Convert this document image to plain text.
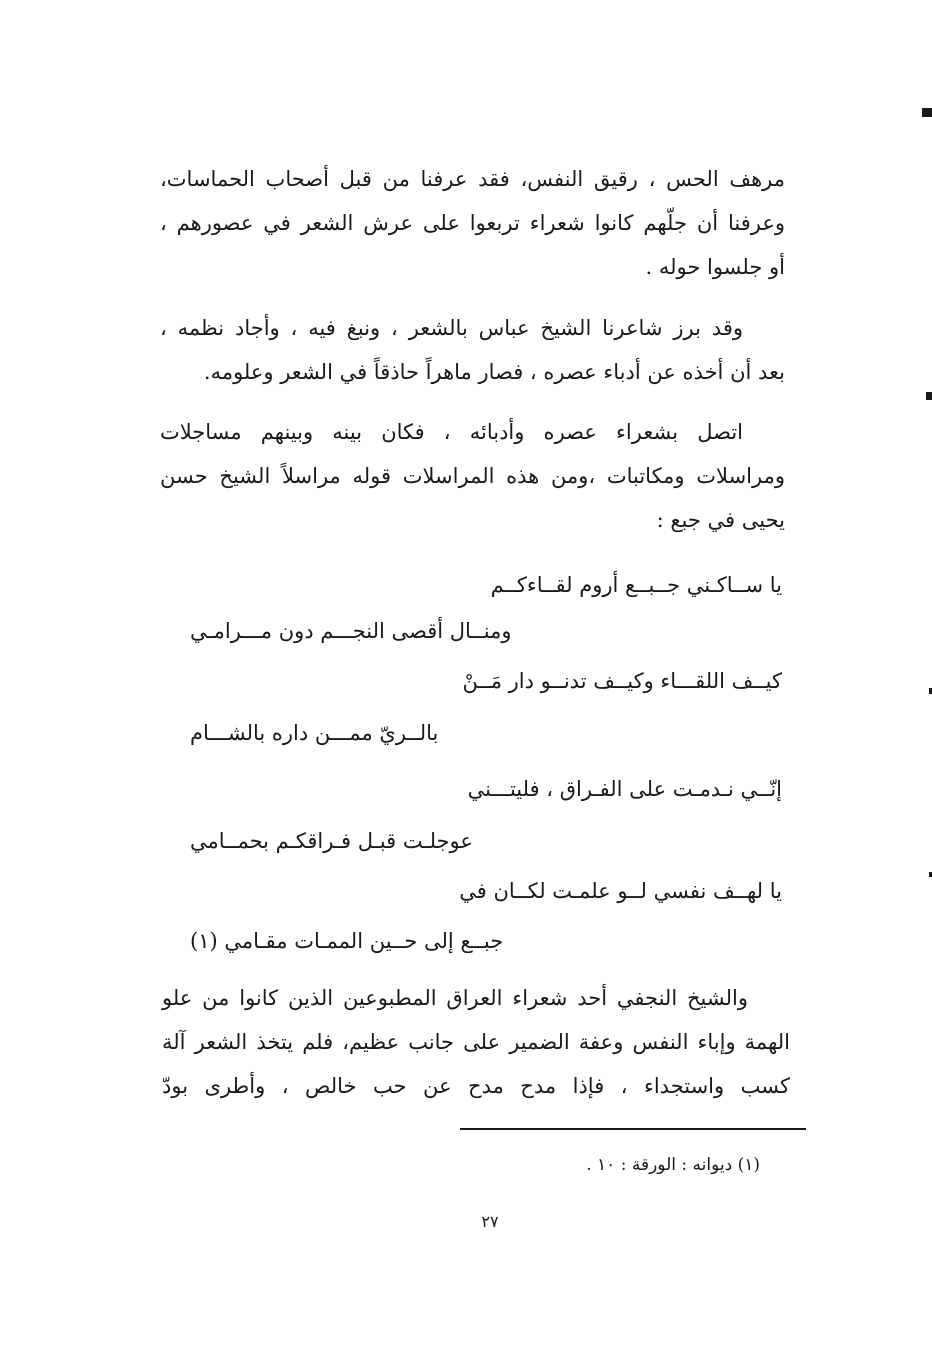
مرهف الحس ، رقيق النفس، فقد عرفنا من قبل أصحاب الحماسات،
وعرفنا أن جلّهم كانوا شعراء تربعوا على عرش الشعر في عصورهم ،
أو جلسوا حوله .
وقد برز شاعرنا الشيخ عباس بالشعر ، ونبغ فيه ، وأجاد نظمه ،
بعد أن أخذه عن أدباء عصره ، فصار ماهراً حاذقاً في الشعر وعلومه.
اتصل بشعراء عصره وأدبائه ، فكان بينه وبينهم مساجلات
ومراسلات ومكاتبات ،ومن هذه المراسلات قوله مراسلاً الشيخ حسن
يحيى في جبع :
يا ســاكـني جــبــع أروم لقــاءكــم
ومنــال أقصى النجـــم دون مـــرامـي
كيــف اللقـــاء وكيــف تدنــو دار مَــنْ
بالــريّ ممـــن داره بالشـــام
إنّــي نـدمـت على الفـراق ، فليتـــني
عوجلـت قبـل فـراقكـم بحمــامي
يا لهــف نفسي لــو علمـت لكــان في
جبــع إلى حــين الممـات مقـامي (١)
والشيخ النجفي أحد شعراء العراق المطبوعين الذين كانوا من علو
الهمة وإباء النفس وعفة الضمير على جانب عظيم، فلم يتخذ الشعر آلة
كسب واستجداء ، فإذا مدح مدح عن حب خالص ، وأطرى بودّ
(١) ديوانه : الورقة : ١٠ .
٢٧
